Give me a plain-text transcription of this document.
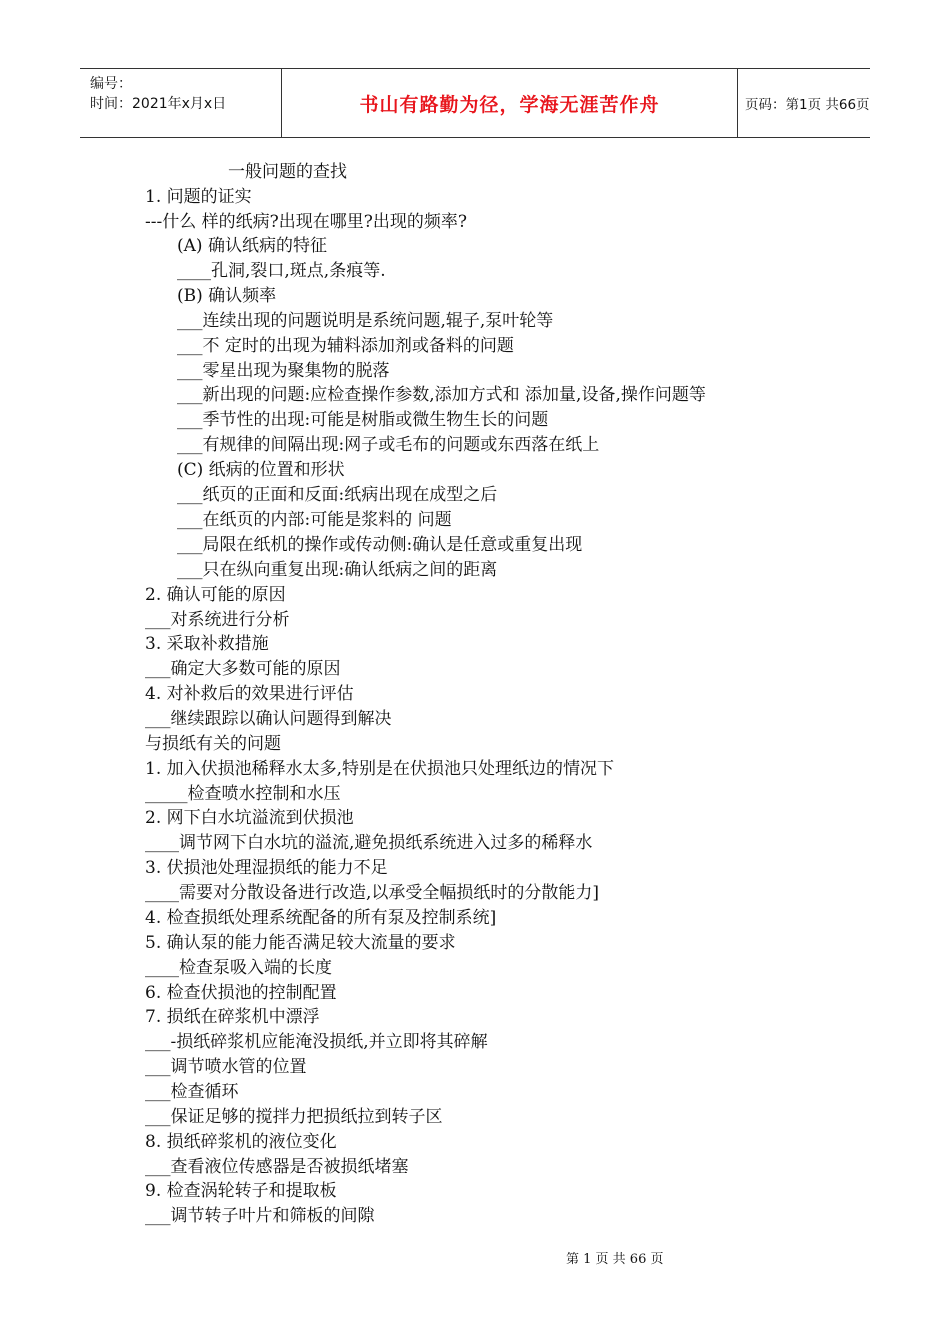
编号：
时间：2021年x月x日	书山有路勤为径，学海无涯苦作舟	页码：第1页 共66页
一般问题的查找
1. 问题的证实
---什么 样的纸病?出现在哪里?出现的频率?
(A) 确认纸病的特征
____孔洞,裂口,斑点,条痕等.
(B) 确认频率
___连续出现的问题说明是系统问题,辊子,泵叶轮等
___不 定时的出现为辅料添加剂或备料的问题
___零星出现为聚集物的脱落
___新出现的问题:应检查操作参数,添加方式和 添加量,设备,操作问题等
___季节性的出现:可能是树脂或微生物生长的问题
___有规律的间隔出现:网子或毛布的问题或东西落在纸上
(C) 纸病的位置和形状
___纸页的正面和反面:纸病出现在成型之后
___在纸页的内部:可能是浆料的 问题
___局限在纸机的操作或传动侧:确认是任意或重复出现
___只在纵向重复出现:确认纸病之间的距离
2. 确认可能的原因
___对系统进行分析
3. 采取补救措施
___确定大多数可能的原因
4. 对补救后的效果进行评估
___继续跟踪以确认问题得到解决
与损纸有关的问题
1. 加入伏损池稀释水太多,特别是在伏损池只处理纸边的情况下
_____检查喷水控制和水压
2. 网下白水坑溢流到伏损池
____调节网下白水坑的溢流,避免损纸系统进入过多的稀释水
3. 伏损池处理湿损纸的能力不足
____需要对分散设备进行改造,以承受全幅损纸时的分散能力]
4. 检查损纸处理系统配备的所有泵及控制系统]
5. 确认泵的能力能否满足较大流量的要求
____检查泵吸入端的长度
6. 检查伏损池的控制配置
7. 损纸在碎浆机中漂浮
___-损纸碎浆机应能淹没损纸,并立即将其碎解
___调节喷水管的位置
___检查循环
___保证足够的搅拌力把损纸拉到转子区
8. 损纸碎浆机的液位变化
___查看液位传感器是否被损纸堵塞
9. 检查涡轮转子和提取板
___调节转子叶片和筛板的间隙
第 1 页 共 66 页
